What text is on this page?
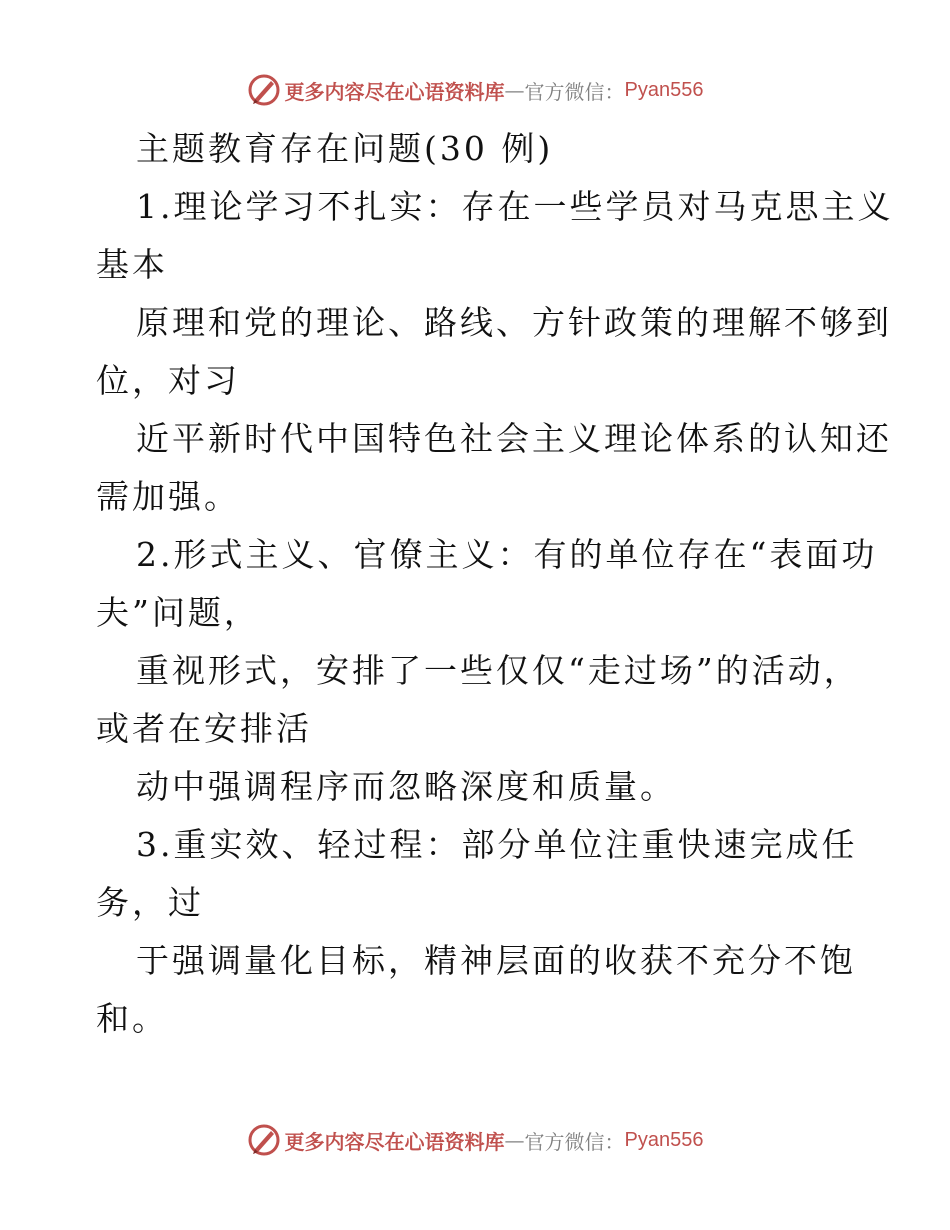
更多内容尽在心语资料库 — 官方微信： Pyan556
主题教育存在问题(30 例)
1.理论学习不扎实：存在一些学员对马克思主义
基本
原理和党的理论、路线、方针政策的理解不够到
位，对习
近平新时代中国特色社会主义理论体系的认知还
需加强。
2.形式主义、官僚主义：有的单位存在“表面功
夫”问题，
重视形式，安排了一些仅仅“走过场”的活动，
或者在安排活
动中强调程序而忽略深度和质量。
3.重实效、轻过程：部分单位注重快速完成任
务，过
于强调量化目标，精神层面的收获不充分不饱
和。
更多内容尽在心语资料库 — 官方微信： Pyan556
